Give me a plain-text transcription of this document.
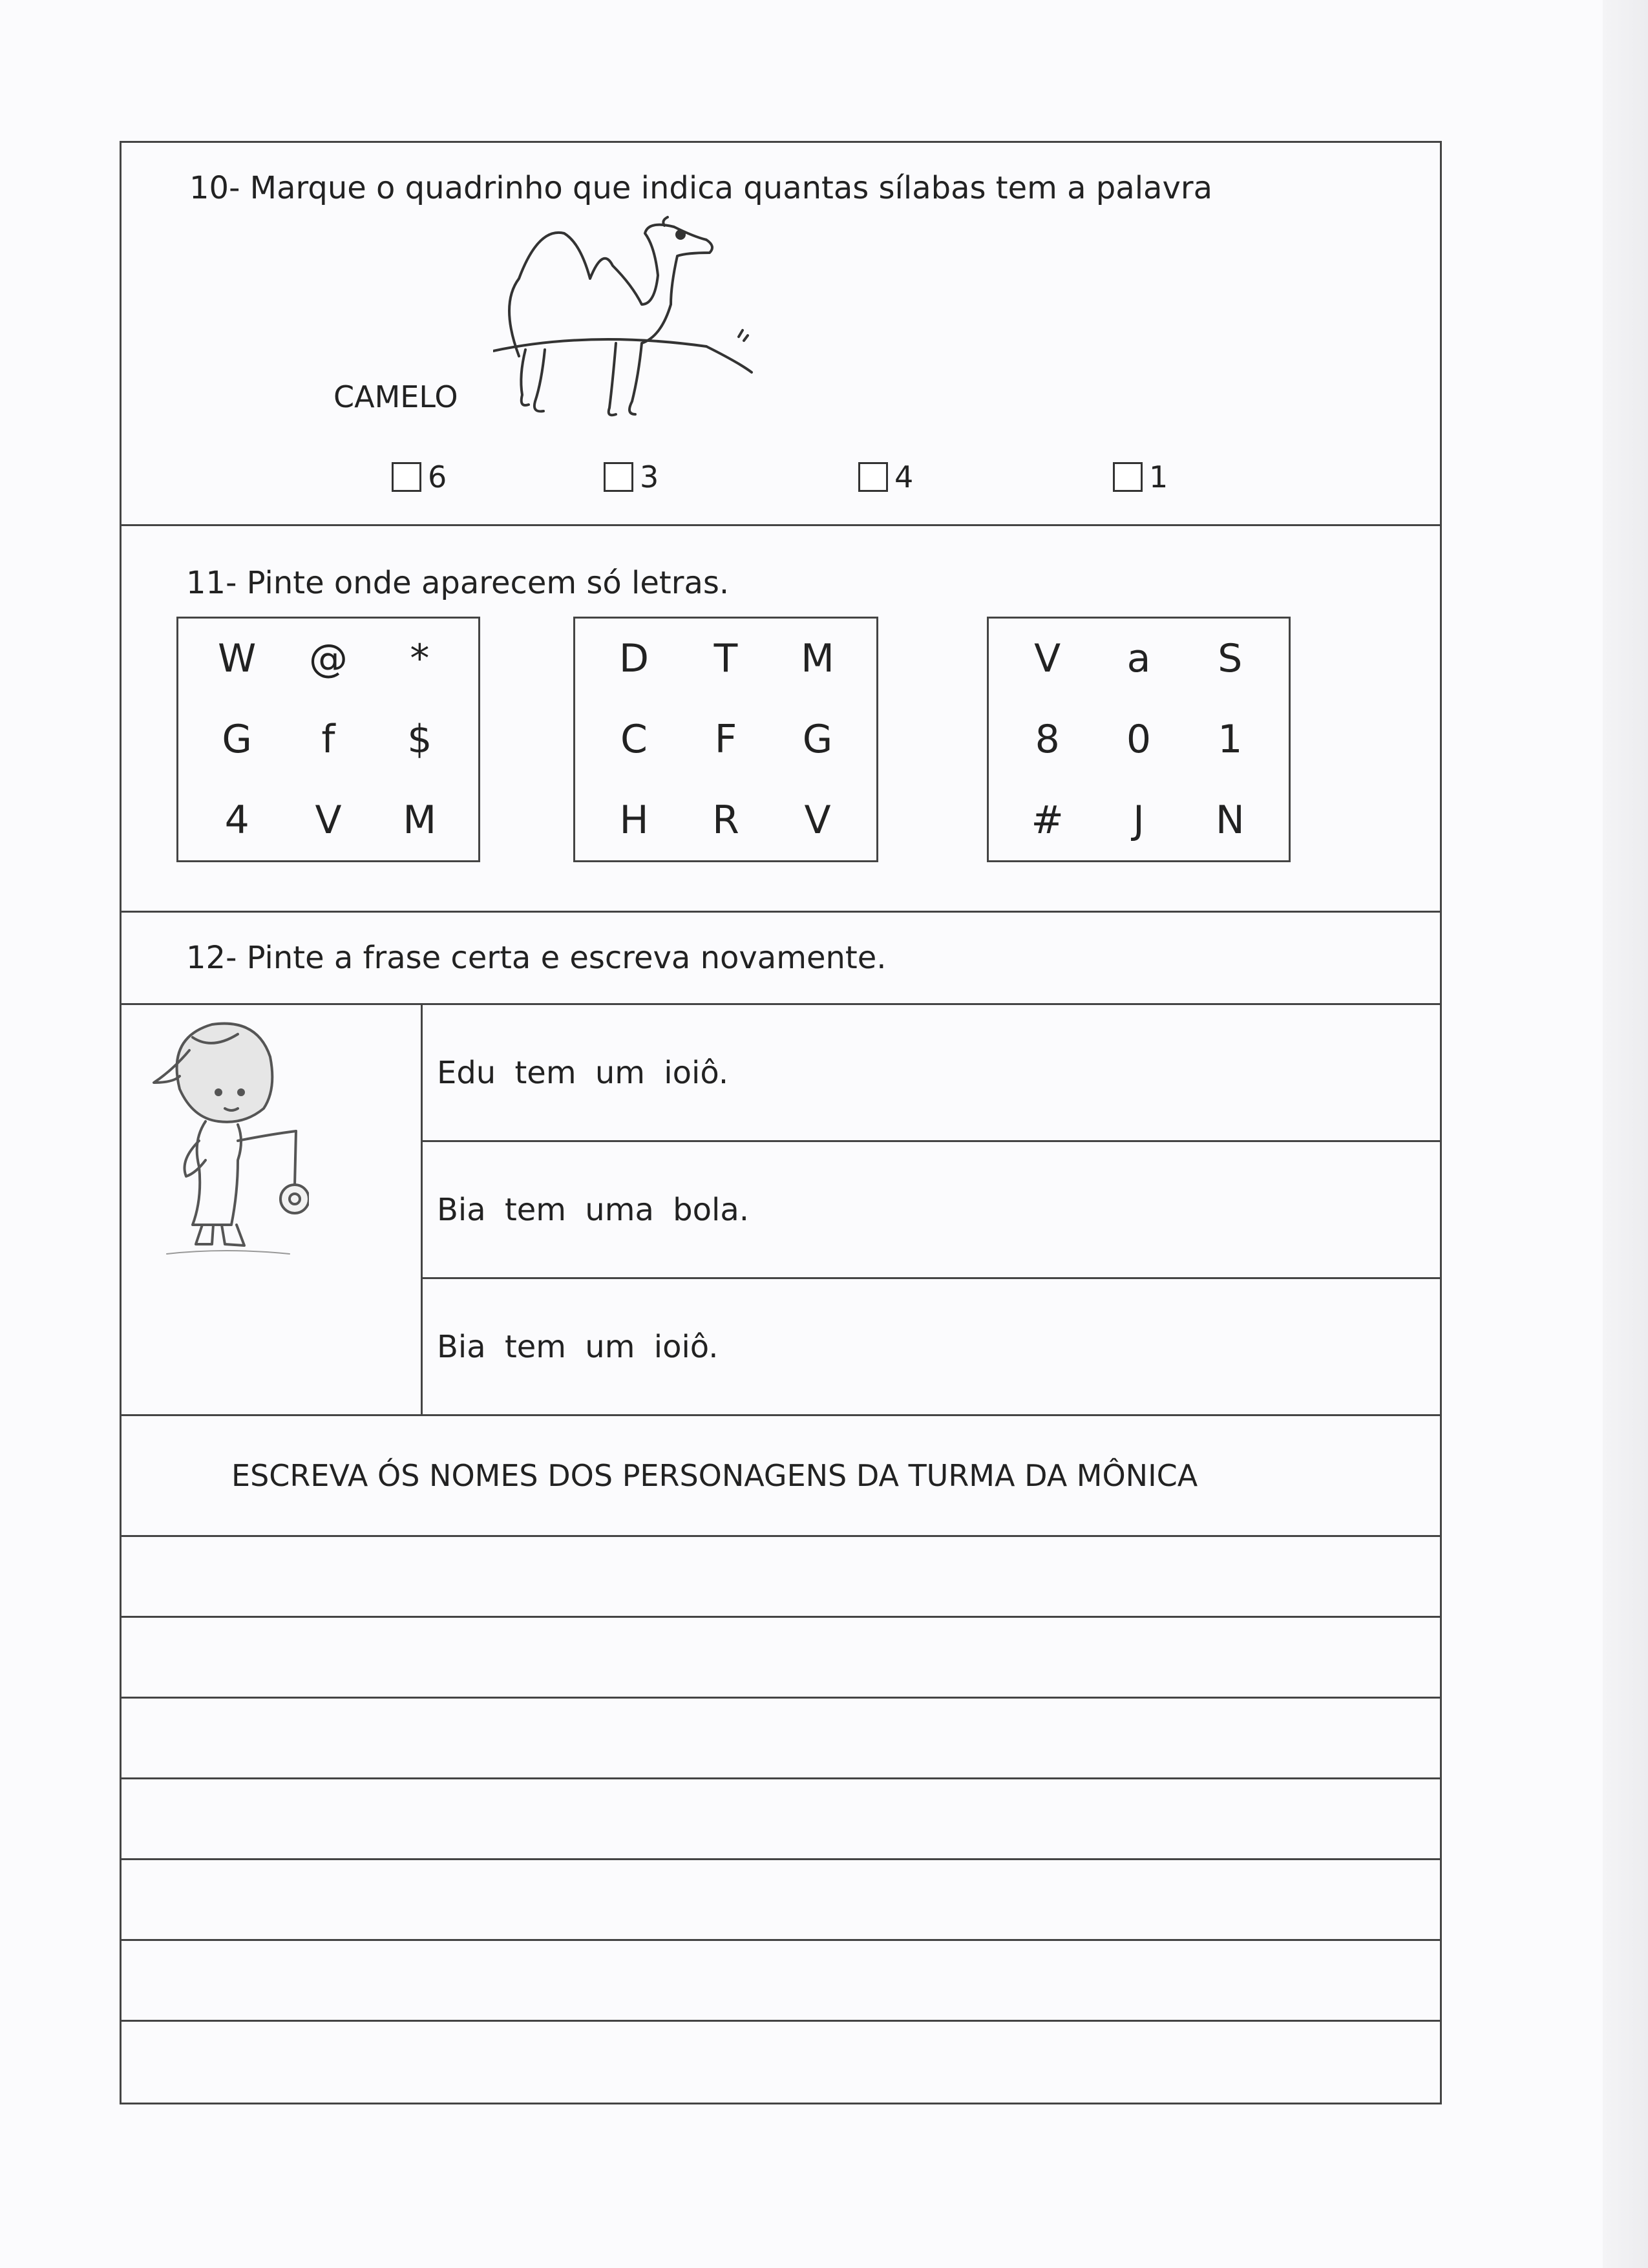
10- Marque o quadrinho que indica quantas sílabas tem a palavra
CAMELO
6	3	4	1
11- Pinte onde aparecem só letras.
W	@	*
G	f	$
4	V	M
D	T	M
C	F	G
H	R	V
V	a	S
8	0	1
#	J	N
12- Pinte a frase certa e escreva novamente.
Edu tem um ioiô.
Bia tem uma bola.
Bia tem um ioiô.
ESCREVA ÓS NOMES DOS PERSONAGENS DA TURMA DA MÔNICA
